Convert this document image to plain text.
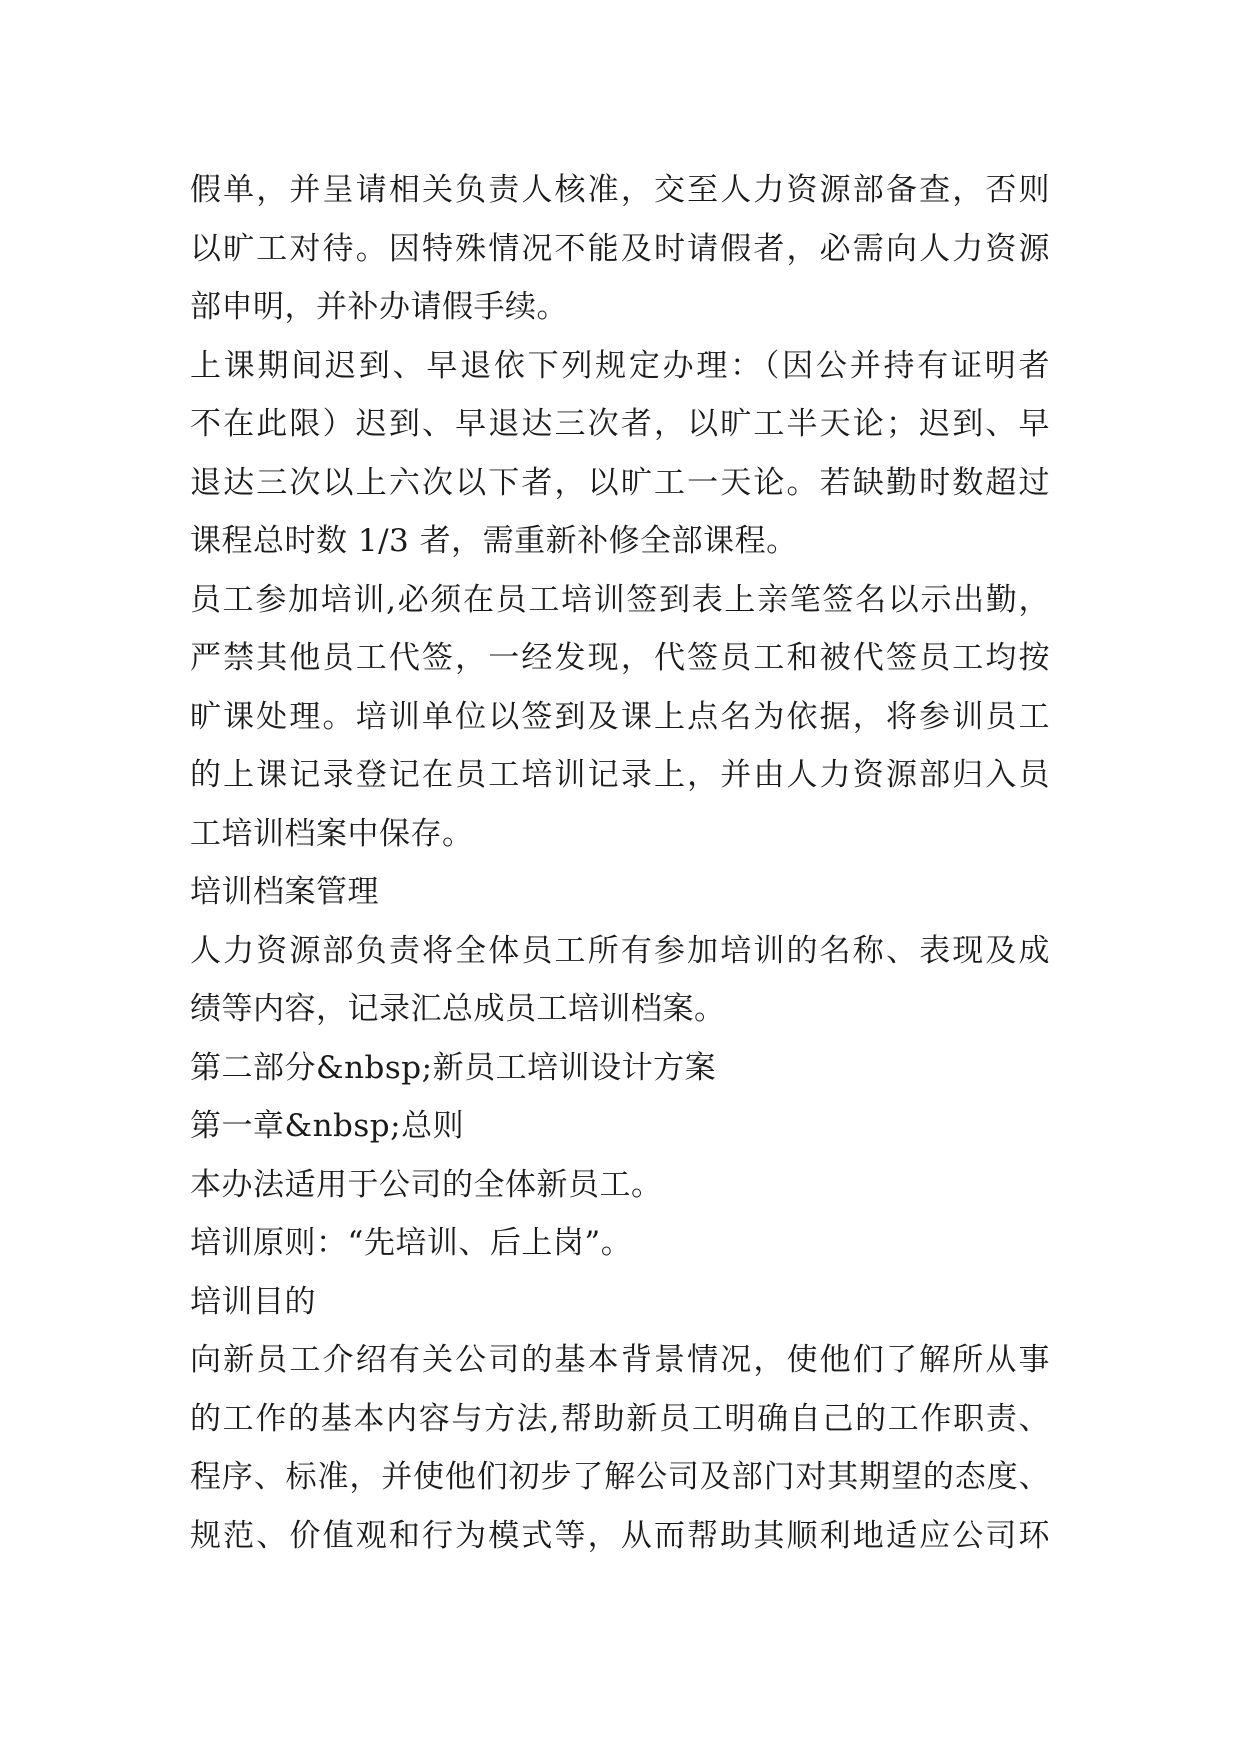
假单，并呈请相关负责人核准，交至人力资源部备查，否则
以旷工对待。因特殊情况不能及时请假者，必需向人力资源
部申明，并补办请假手续。
上课期间迟到、早退依下列规定办理：（因公并持有证明者
不在此限）迟到、早退达三次者，以旷工半天论；迟到、早
退达三次以上六次以下者，以旷工一天论。若缺勤时数超过
课程总时数 1/3 者，需重新补修全部课程。
员工参加培训,必须在员工培训签到表上亲笔签名以示出勤，
严禁其他员工代签，一经发现，代签员工和被代签员工均按
旷课处理。培训单位以签到及课上点名为依据，将参训员工
的上课记录登记在员工培训记录上，并由人力资源部归入员
工培训档案中保存。
培训档案管理
人力资源部负责将全体员工所有参加培训的名称、表现及成
绩等内容，记录汇总成员工培训档案。
第二部分&nbsp;新员工培训设计方案
第一章&nbsp;总则
本办法适用于公司的全体新员工。
培训原则：“先培训、后上岗”。
培训目的
向新员工介绍有关公司的基本背景情况，使他们了解所从事
的工作的基本内容与方法,帮助新员工明确自己的工作职责、
程序、标准，并使他们初步了解公司及部门对其期望的态度、
规范、价值观和行为模式等，从而帮助其顺利地适应公司环
